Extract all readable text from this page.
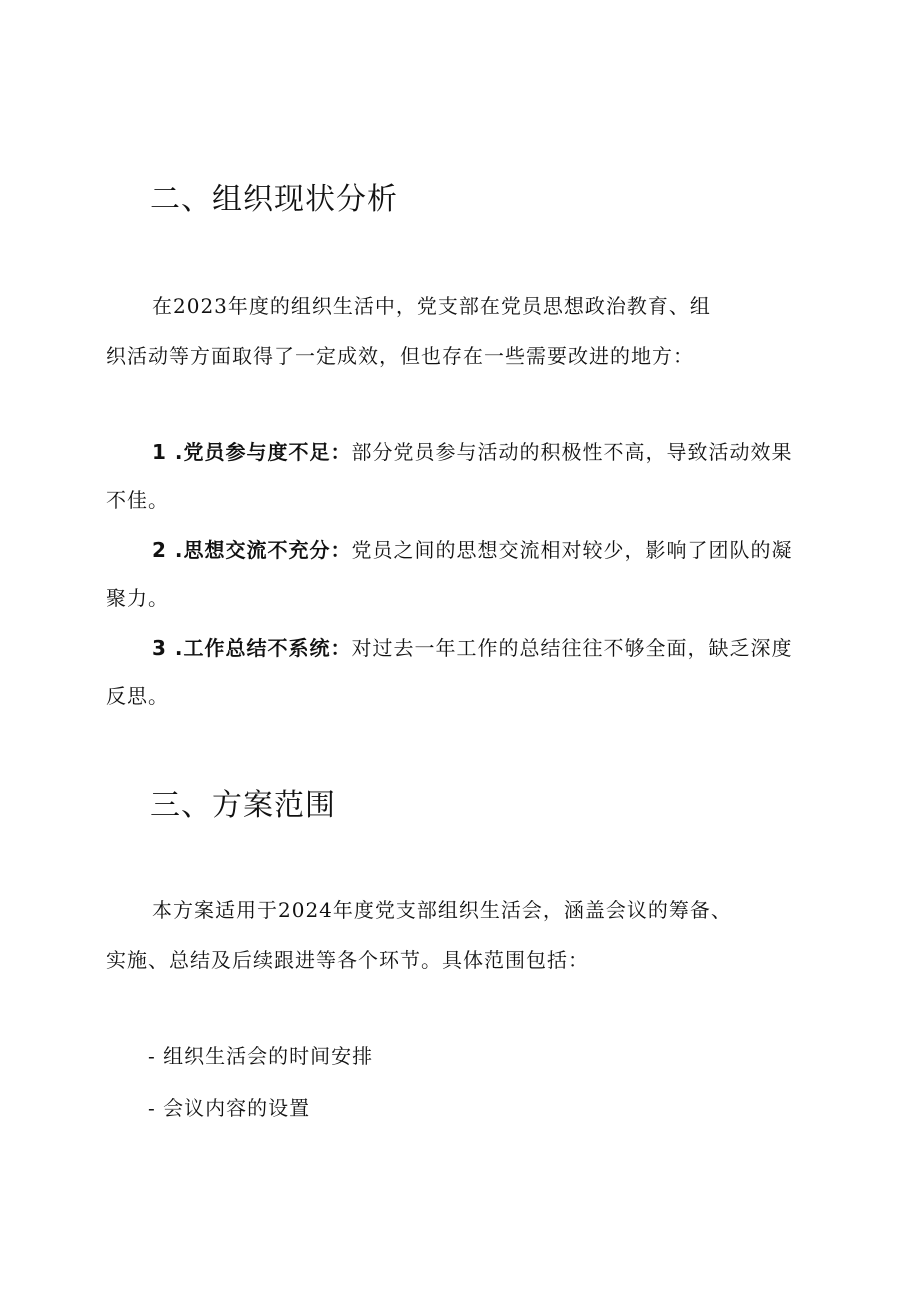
二、组织现状分析
在2023年度的组织生活中，党支部在党员思想政治教育、组
织活动等方面取得了一定成效，但也存在一些需要改进的地方：
1 .党员参与度不足：部分党员参与活动的积极性不高，导致活动效果
不佳。
2 .思想交流不充分：党员之间的思想交流相对较少，影响了团队的凝
聚力。
3 .工作总结不系统：对过去一年工作的总结往往不够全面，缺乏深度
反思。
三、方案范围
本方案适用于2024年度党支部组织生活会，涵盖会议的筹备、
实施、总结及后续跟进等各个环节。具体范围包括：
- 组织生活会的时间安排
- 会议内容的设置
